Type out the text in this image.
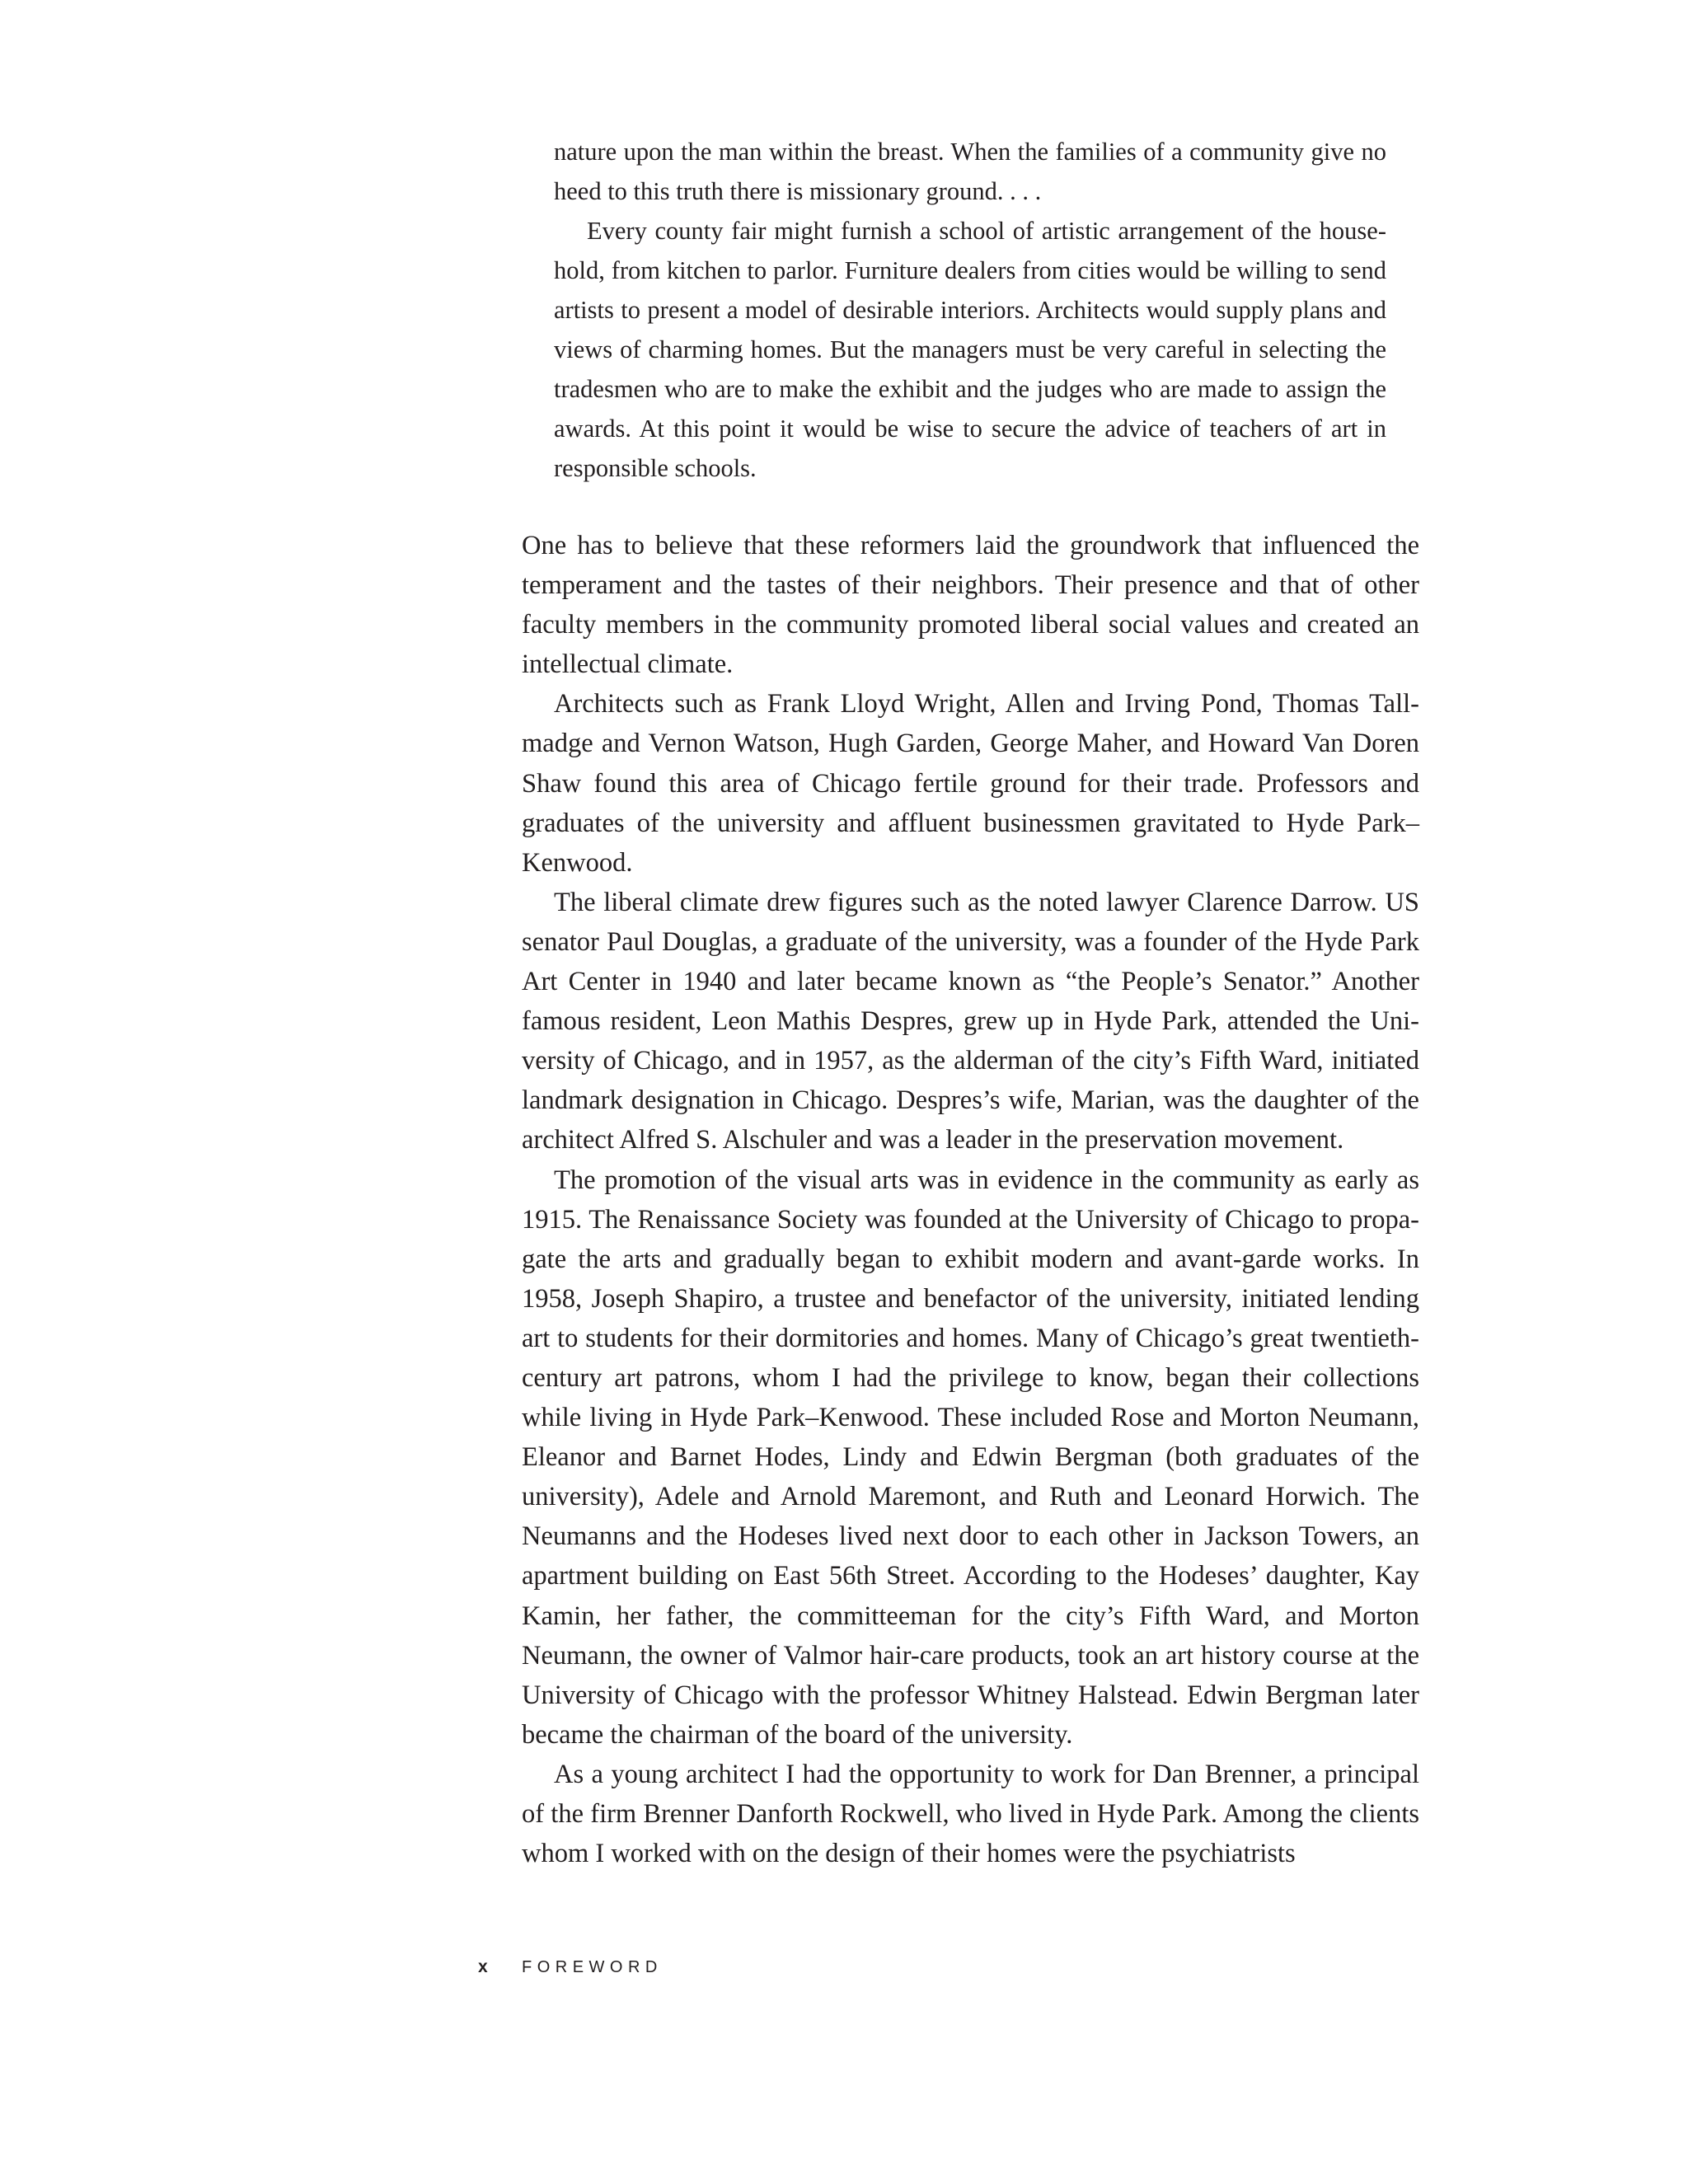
nature upon the man within the breast. When the families of a community give no heed to this truth there is missionary ground. . . .

Every county fair might furnish a school of artistic arrangement of the household, from kitchen to parlor. Furniture dealers from cities would be willing to send artists to present a model of desirable interiors. Architects would supply plans and views of charming homes. But the managers must be very careful in selecting the tradesmen who are to make the exhibit and the judges who are made to assign the awards. At this point it would be wise to secure the advice of teachers of art in responsible schools.

One has to believe that these reformers laid the groundwork that influenced the temperament and the tastes of their neighbors. Their presence and that of other faculty members in the community promoted liberal social values and created an intellectual climate.

Architects such as Frank Lloyd Wright, Allen and Irving Pond, Thomas Tallmadge and Vernon Watson, Hugh Garden, George Maher, and Howard Van Doren Shaw found this area of Chicago fertile ground for their trade. Professors and graduates of the university and affluent businessmen gravitated to Hyde Park–Kenwood.

The liberal climate drew figures such as the noted lawyer Clarence Darrow. US senator Paul Douglas, a graduate of the university, was a founder of the Hyde Park Art Center in 1940 and later became known as “the People’s Senator.” Another famous resident, Leon Mathis Despres, grew up in Hyde Park, attended the University of Chicago, and in 1957, as the alderman of the city’s Fifth Ward, initiated landmark designation in Chicago. Despres’s wife, Marian, was the daughter of the architect Alfred S. Alschuler and was a leader in the preservation movement.

The promotion of the visual arts was in evidence in the community as early as 1915. The Renaissance Society was founded at the University of Chicago to propagate the arts and gradually began to exhibit modern and avant-garde works. In 1958, Joseph Shapiro, a trustee and benefactor of the university, initiated lending art to students for their dormitories and homes. Many of Chicago’s great twentieth-century art patrons, whom I had the privilege to know, began their collections while living in Hyde Park–Kenwood. These included Rose and Morton Neumann, Eleanor and Barnet Hodes, Lindy and Edwin Bergman (both graduates of the university), Adele and Arnold Maremont, and Ruth and Leonard Horwich. The Neumanns and the Hodeses lived next door to each other in Jackson Towers, an apartment building on East 56th Street. According to the Hodeses’ daughter, Kay Kamin, her father, the committeeman for the city’s Fifth Ward, and Morton Neumann, the owner of Valmor hair-care products, took an art history course at the University of Chicago with the professor Whitney Halstead. Edwin Bergman later became the chairman of the board of the university.

As a young architect I had the opportunity to work for Dan Brenner, a principal of the firm Brenner Danforth Rockwell, who lived in Hyde Park. Among the clients whom I worked with on the design of their homes were the psychiatrists

x	FOREWORD
